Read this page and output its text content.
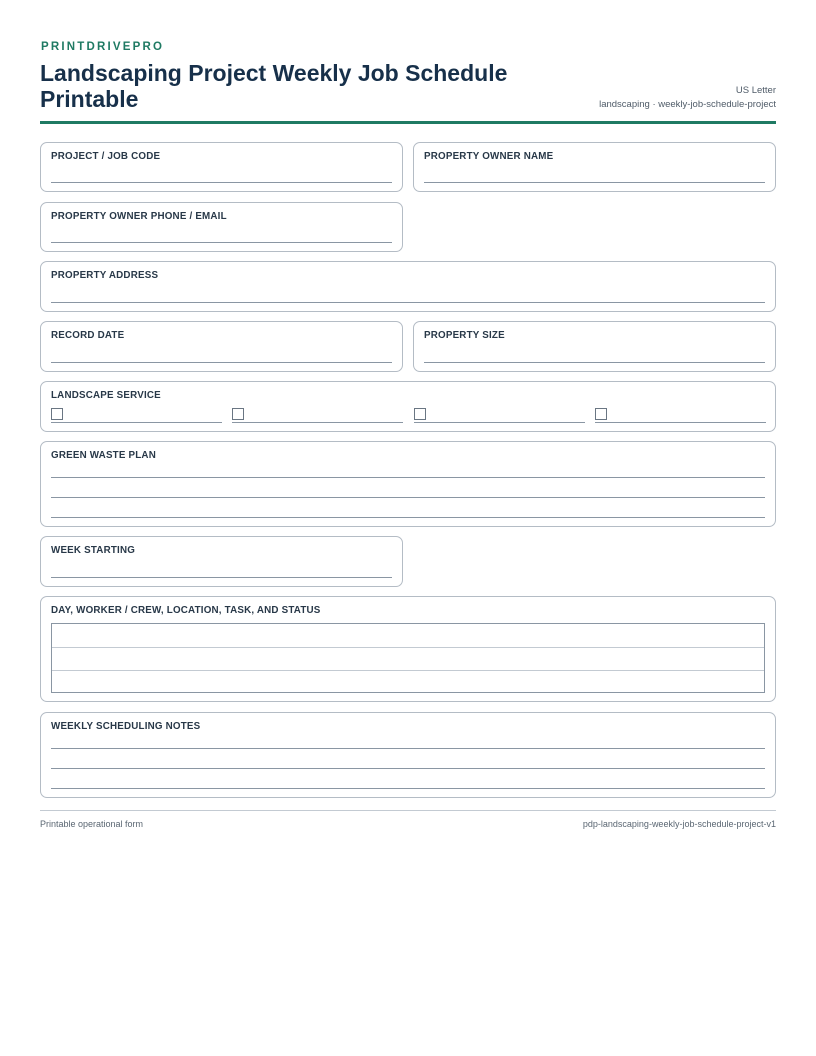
PRINTDRIVEPRO
Landscaping Project Weekly Job Schedule Printable	US Letter
landscaping · weekly-job-schedule-project
PROJECT / JOB CODE	PROPERTY OWNER NAME
PROPERTY OWNER PHONE / EMAIL
PROPERTY ADDRESS
RECORD DATE	PROPERTY SIZE
LANDSCAPE SERVICE
GREEN WASTE PLAN
WEEK STARTING
DAY, WORKER / CREW, LOCATION, TASK, AND STATUS
WEEKLY SCHEDULING NOTES
Printable operational form	pdp-landscaping-weekly-job-schedule-project-v1
